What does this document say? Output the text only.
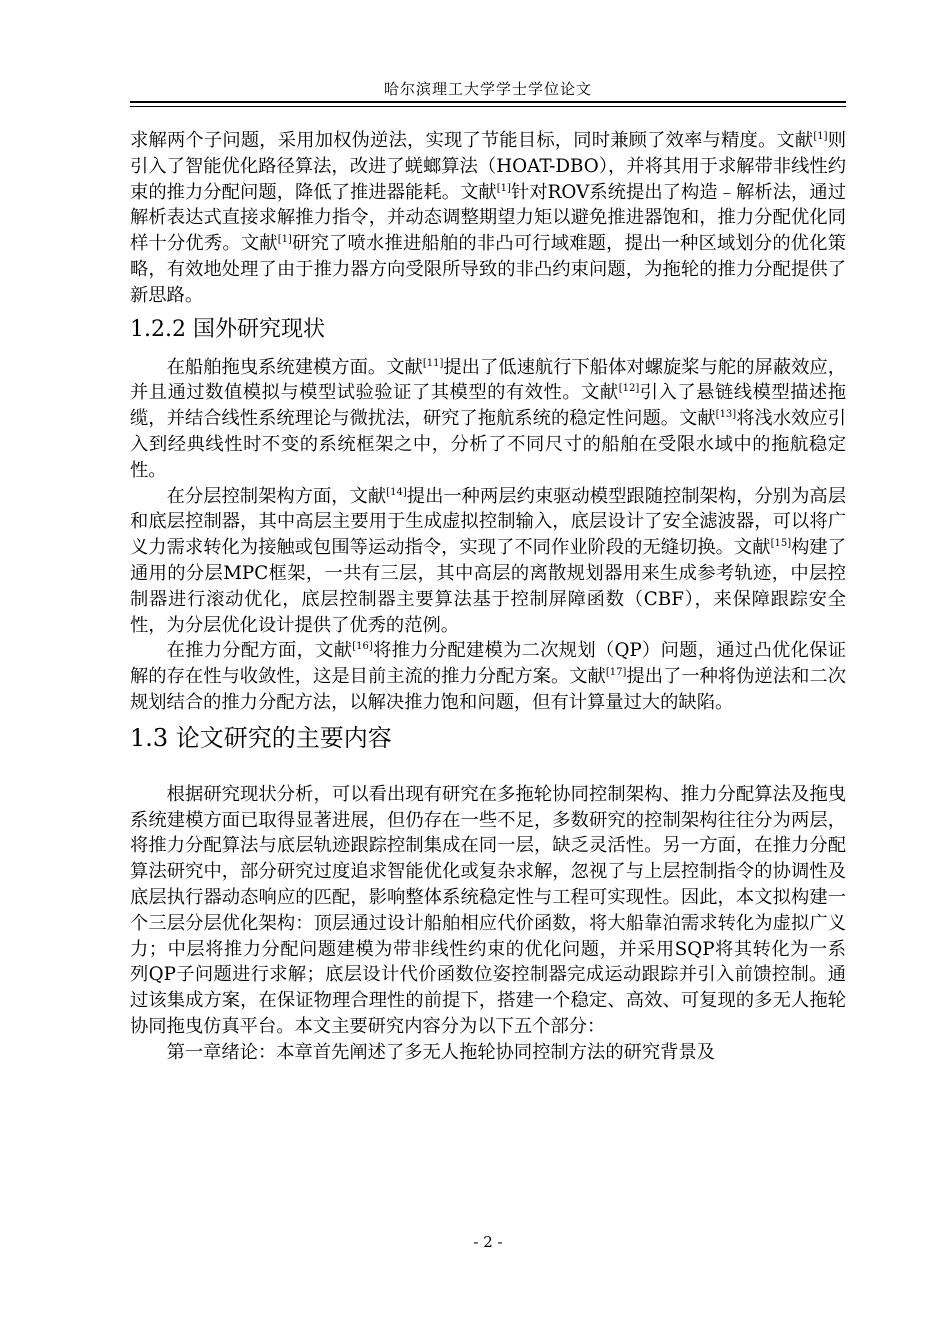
哈尔滨理工大学学士学位论文

求解两个子问题，采用加权伪逆法，实现了节能目标，同时兼顾了效率与精度。文献[1]则引入了智能优化路径算法，改进了蜣螂算法（HOAT-DBO），并将其用于求解带非线性约束的推力分配问题，降低了推进器能耗。文献[1]针对ROV系统提出了构造﹣解析法，通过解析表达式直接求解推力指令，并动态调整期望力矩以避免推进器饱和，推力分配优化同样十分优秀。文献[1]研究了喷水推进船舶的非凸可行域难题，提出一种区域划分的优化策略，有效地处理了由于推力器方向受限所导致的非凸约束问题，为拖轮的推力分配提供了新思路。

1.2.2 国外研究现状

在船舶拖曳系统建模方面。文献[11]提出了低速航行下船体对螺旋桨与舵的屏蔽效应，并且通过数值模拟与模型试验验证了其模型的有效性。文献[12]引入了悬链线模型描述拖缆，并结合线性系统理论与微扰法，研究了拖航系统的稳定性问题。文献[13]将浅水效应引入到经典线性时不变的系统框架之中，分析了不同尺寸的船舶在受限水域中的拖航稳定性。

在分层控制架构方面，文献[14]提出一种两层约束驱动模型跟随控制架构，分别为高层和底层控制器，其中高层主要用于生成虚拟控制输入，底层设计了安全滤波器，可以将广义力需求转化为接触或包围等运动指令，实现了不同作业阶段的无缝切换。文献[15]构建了通用的分层MPC框架，一共有三层，其中高层的离散规划器用来生成参考轨迹，中层控制器进行滚动优化，底层控制器主要算法基于控制屏障函数（CBF），来保障跟踪安全性，为分层优化设计提供了优秀的范例。

在推力分配方面，文献[16]将推力分配建模为二次规划（QP）问题，通过凸优化保证解的存在性与收敛性，这是目前主流的推力分配方案。文献[17]提出了一种将伪逆法和二次规划结合的推力分配方法，以解决推力饱和问题，但有计算量过大的缺陷。

1.3 论文研究的主要内容

根据研究现状分析，可以看出现有研究在多拖轮协同控制架构、推力分配算法及拖曳系统建模方面已取得显著进展，但仍存在一些不足，多数研究的控制架构往往分为两层，将推力分配算法与底层轨迹跟踪控制集成在同一层，缺乏灵活性。另一方面，在推力分配算法研究中，部分研究过度追求智能优化或复杂求解，忽视了与上层控制指令的协调性及底层执行器动态响应的匹配，影响整体系统稳定性与工程可实现性。因此，本文拟构建一个三层分层优化架构：顶层通过设计船舶相应代价函数，将大船靠泊需求转化为虚拟广义力；中层将推力分配问题建模为带非线性约束的优化问题，并采用SQP将其转化为一系列QP子问题进行求解；底层设计代价函数位姿控制器完成运动跟踪并引入前馈控制。通过该集成方案，在保证物理合理性的前提下，搭建一个稳定、高效、可复现的多无人拖轮协同拖曳仿真平台。本文主要研究内容分为以下五个部分：

第一章绪论：本章首先阐述了多无人拖轮协同控制方法的研究背景及

- 2 -
